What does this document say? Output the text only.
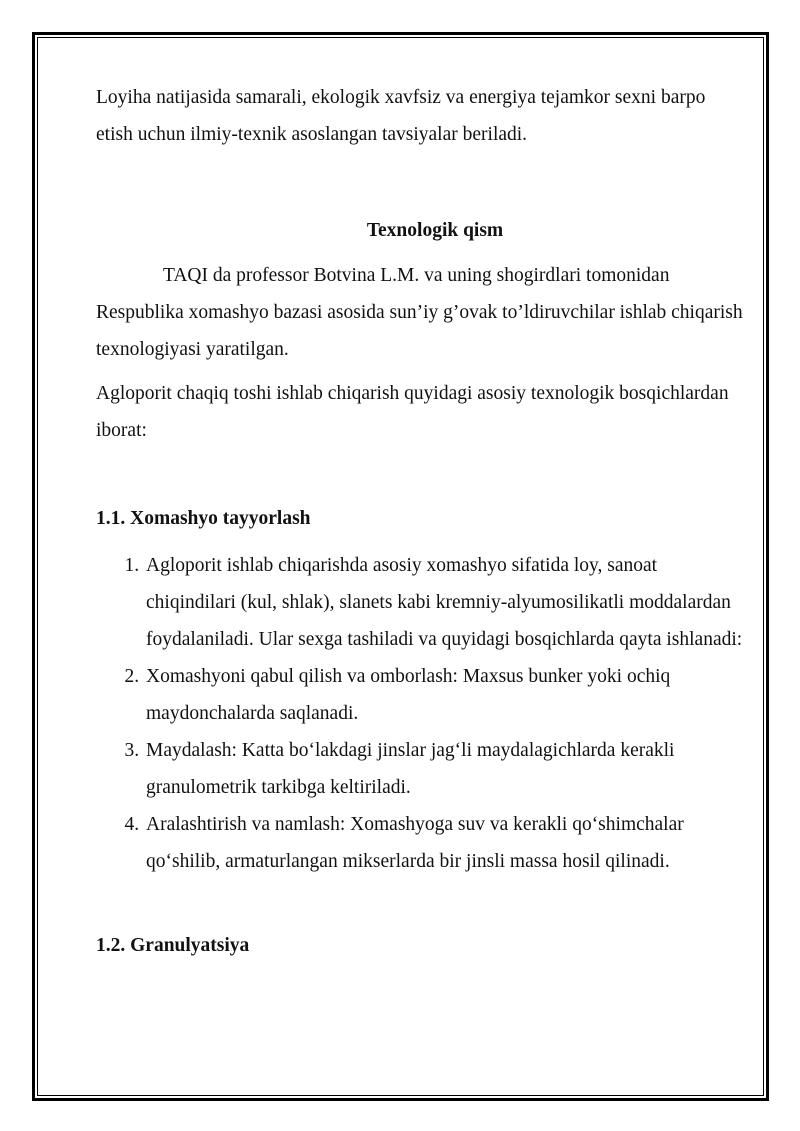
Loyiha natijasida samarali, ekologik xavfsiz va energiya tejamkor sexni barpo etish uchun ilmiy-texnik asoslangan tavsiyalar beriladi.

Texnologik qism

TAQI da professor Botvina L.M. va uning shogirdlari tomonidan Respublika xomashyo bazasi asosida sun’iy g’ovak to’ldiruvchilar ishlab chiqarish texnologiyasi yaratilgan.

Agloporit chaqiq toshi ishlab chiqarish quyidagi asosiy texnologik bosqichlardan iborat:

1.1. Xomashyo tayyorlash

1. Agloporit ishlab chiqarishda asosiy xomashyo sifatida loy, sanoat chiqindilari (kul, shlak), slanets kabi kremniy-alyumosilikatli moddalardan foydalaniladi. Ular sexga tashiladi va quyidagi bosqichlarda qayta ishlanadi:
2. Xomashyoni qabul qilish va omborlash: Maxsus bunker yoki ochiq maydonchalarda saqlanadi.
3. Maydalash: Katta bo‘lakdagi jinslar jag‘li maydalagichlarda kerakli granulometrik tarkibga keltiriladi.
4. Aralashtirish va namlash: Xomashyoga suv va kerakli qo‘shimchalar qo‘shilib, armaturlangan mikserlarda bir jinsli massa hosil qilinadi.

1.2. Granulyatsiya
